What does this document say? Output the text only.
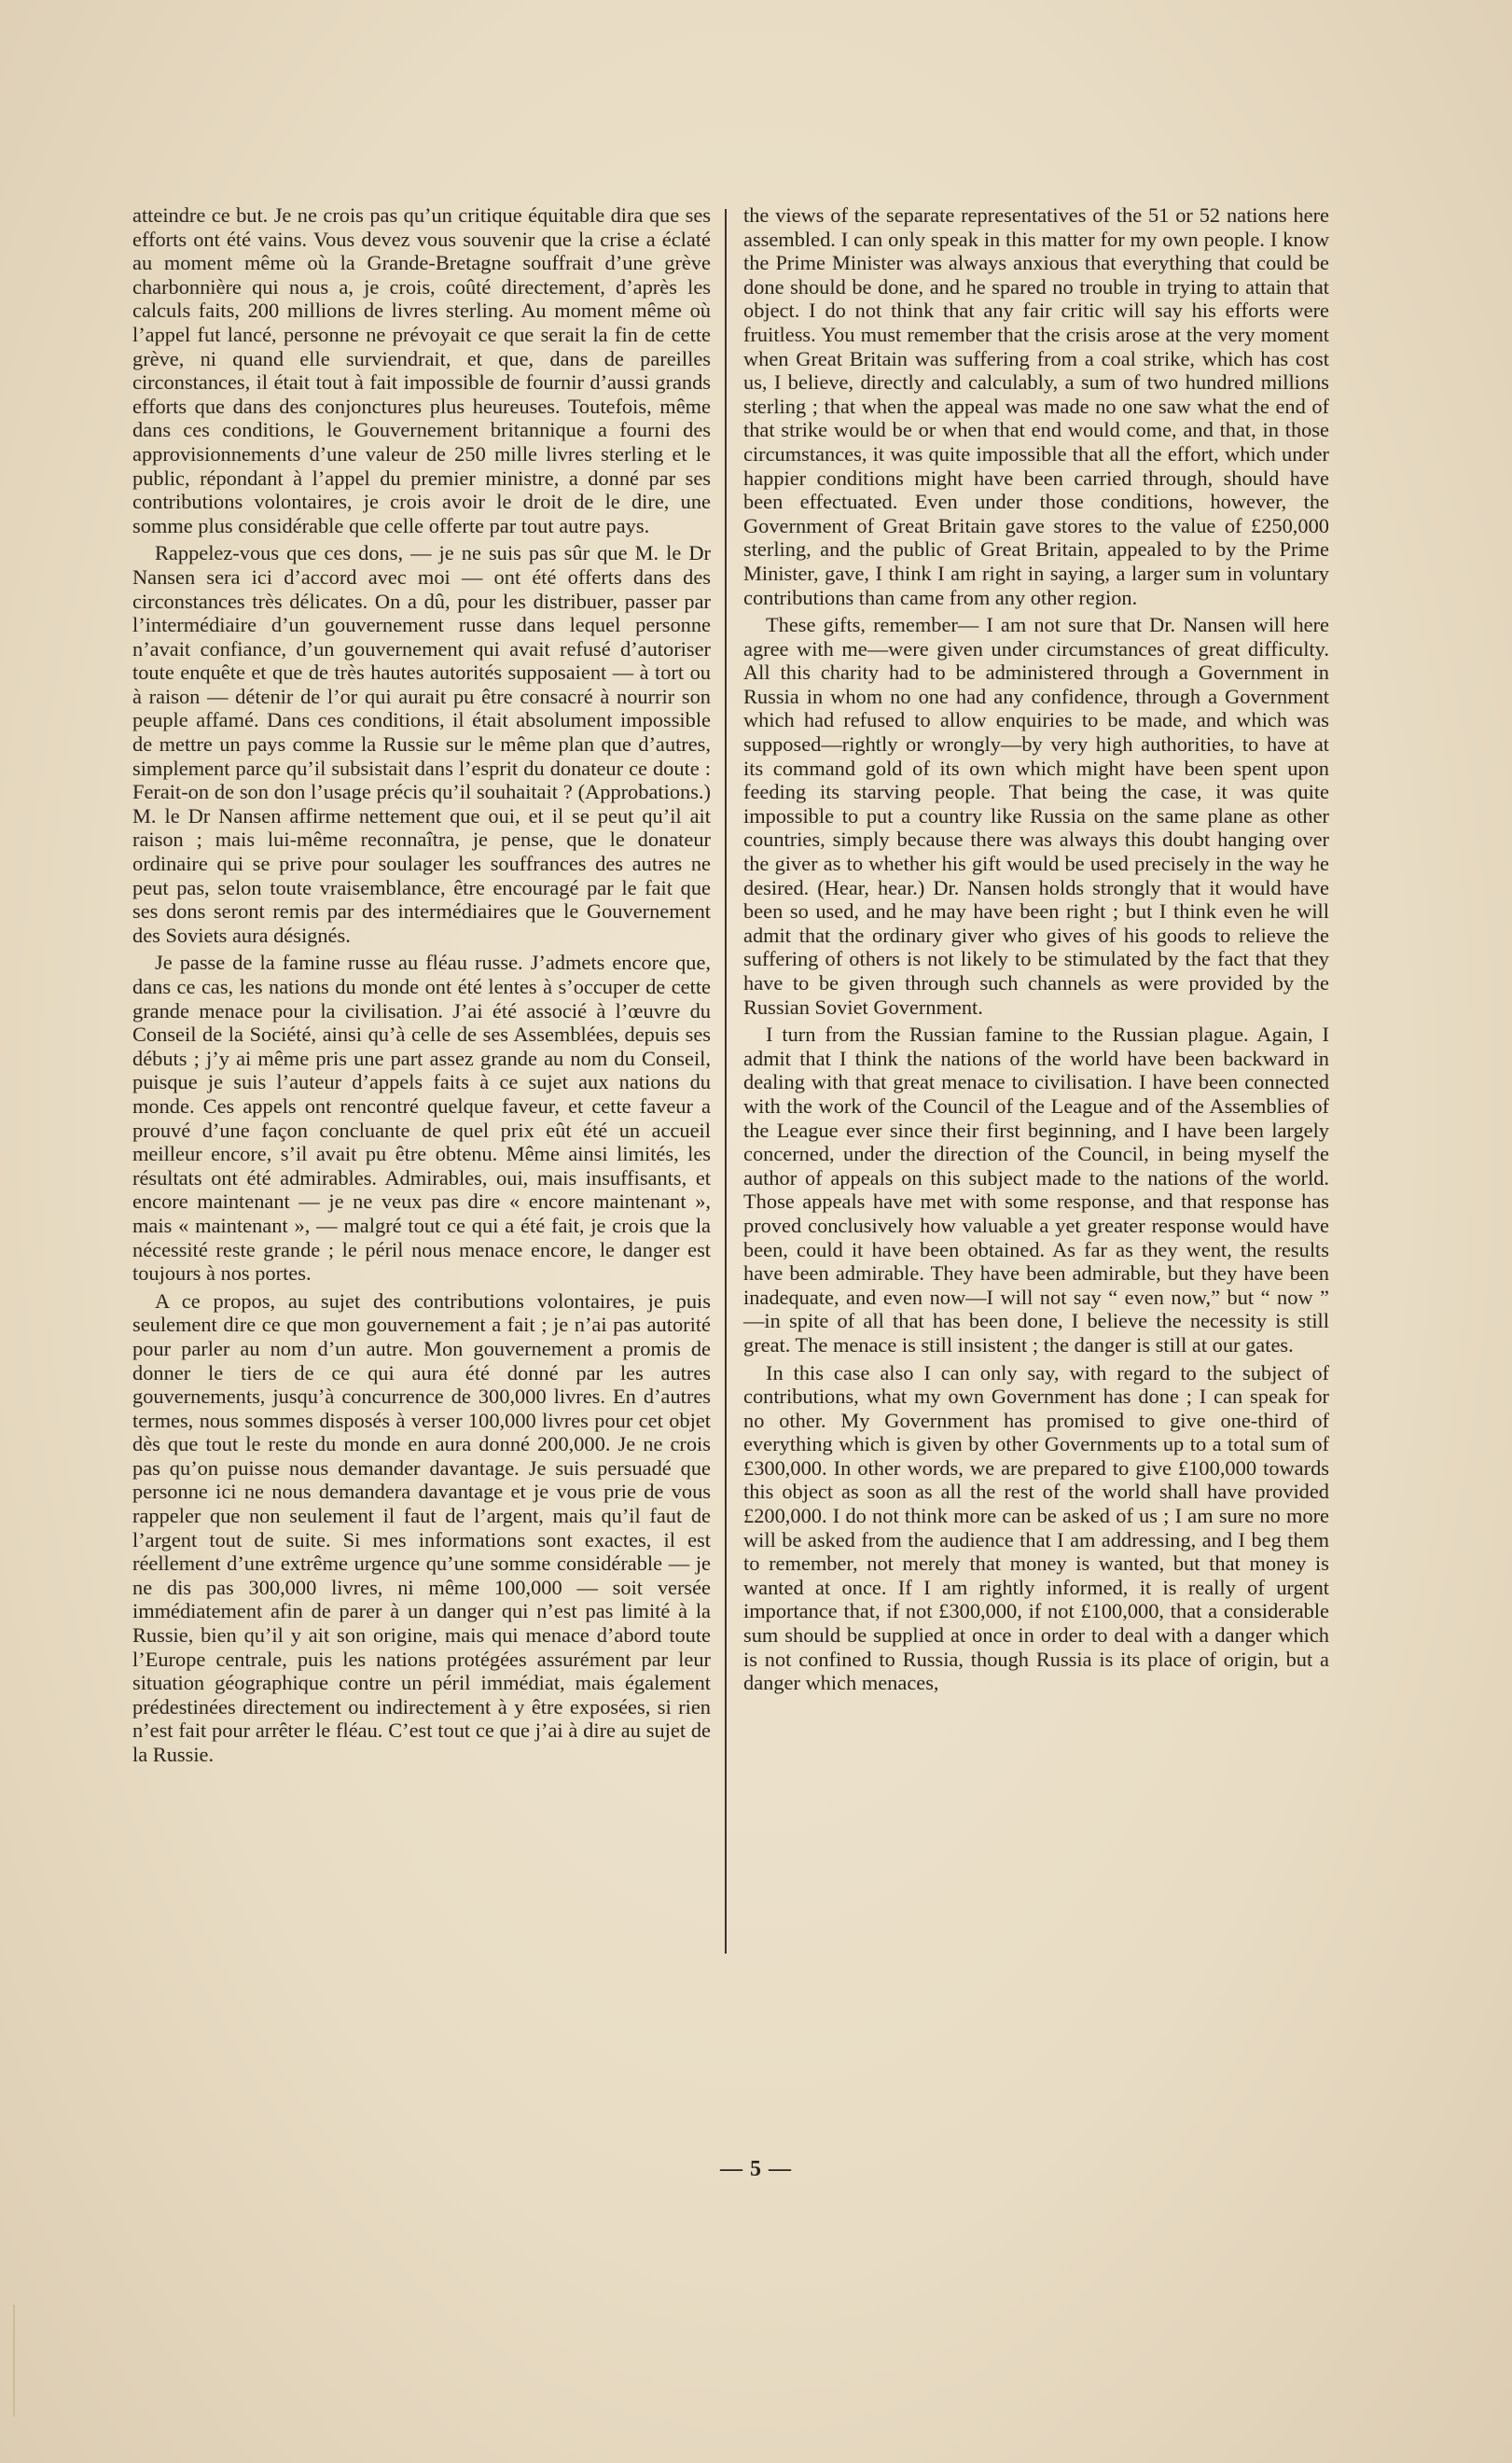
atteindre ce but. Je ne crois pas qu’un critique équitable dira que ses efforts ont été vains. Vous devez vous souvenir que la crise a éclaté au moment même où la Grande-Bretagne souffrait d’une grève charbonnière qui nous a, je crois, coûté directement, d’après les calculs faits, 200 millions de livres sterling. Au moment même où l’appel fut lancé, personne ne prévoyait ce que serait la fin de cette grève, ni quand elle surviendrait, et que, dans de pareilles circonstances, il était tout à fait impossible de fournir d’aussi grands efforts que dans des conjonctures plus heureuses. Toutefois, même dans ces conditions, le Gouvernement britannique a fourni des approvisionnements d’une valeur de 250 mille livres sterling et le public, répondant à l’appel du premier ministre, a donné par ses contributions volontaires, je crois avoir le droit de le dire, une somme plus considérable que celle offerte par tout autre pays.

Rappelez-vous que ces dons, — je ne suis pas sûr que M. le Dr Nansen sera ici d’accord avec moi — ont été offerts dans des circonstances très délicates. On a dû, pour les distribuer, passer par l’intermédiaire d’un gouvernement russe dans lequel personne n’avait confiance, d’un gouvernement qui avait refusé d’autoriser toute enquête et que de très hautes autorités supposaient — à tort ou à raison — détenir de l’or qui aurait pu être consacré à nourrir son peuple affamé. Dans ces conditions, il était absolument impossible de mettre un pays comme la Russie sur le même plan que d’autres, simplement parce qu’il subsistait dans l’esprit du donateur ce doute : Ferait-on de son don l’usage précis qu’il souhaitait ? (Approbations.) M. le Dr Nansen affirme nettement que oui, et il se peut qu’il ait raison ; mais lui-même reconnaîtra, je pense, que le donateur ordinaire qui se prive pour soulager les souffrances des autres ne peut pas, selon toute vraisemblance, être encouragé par le fait que ses dons seront remis par des intermédiaires que le Gouvernement des Soviets aura désignés.

Je passe de la famine russe au fléau russe. J’admets encore que, dans ce cas, les nations du monde ont été lentes à s’occuper de cette grande menace pour la civilisation. J’ai été associé à l’œuvre du Conseil de la Société, ainsi qu’à celle de ses Assemblées, depuis ses débuts ; j’y ai même pris une part assez grande au nom du Conseil, puisque je suis l’auteur d’appels faits à ce sujet aux nations du monde. Ces appels ont rencontré quelque faveur, et cette faveur a prouvé d’une façon concluante de quel prix eût été un accueil meilleur encore, s’il avait pu être obtenu. Même ainsi limités, les résultats ont été admirables. Admirables, oui, mais insuffisants, et encore maintenant — je ne veux pas dire « encore maintenant », mais « maintenant », — malgré tout ce qui a été fait, je crois que la nécessité reste grande ; le péril nous menace encore, le danger est toujours à nos portes.

A ce propos, au sujet des contributions volontaires, je puis seulement dire ce que mon gouvernement a fait ; je n’ai pas autorité pour parler au nom d’un autre. Mon gouvernement a promis de donner le tiers de ce qui aura été donné par les autres gouvernements, jusqu’à concurrence de 300,000 livres. En d’autres termes, nous sommes disposés à verser 100,000 livres pour cet objet dès que tout le reste du monde en aura donné 200,000. Je ne crois pas qu’on puisse nous demander davantage. Je suis persuadé que personne ici ne nous demandera davantage et je vous prie de vous rappeler que non seulement il faut de l’argent, mais qu’il faut de l’argent tout de suite. Si mes informations sont exactes, il est réellement d’une extrême urgence qu’une somme considérable — je ne dis pas 300,000 livres, ni même 100,000 — soit versée immédiatement afin de parer à un danger qui n’est pas limité à la Russie, bien qu’il y ait son origine, mais qui menace d’abord toute l’Europe centrale, puis les nations protégées assurément par leur situation géographique contre un péril immédiat, mais également prédestinées directement ou indirectement à y être exposées, si rien n’est fait pour arrêter le fléau. C’est tout ce que j’ai à dire au sujet de la Russie.

the views of the separate representatives of the 51 or 52 nations here assembled. I can only speak in this matter for my own people. I know the Prime Minister was always anxious that everything that could be done should be done, and he spared no trouble in trying to attain that object. I do not think that any fair critic will say his efforts were fruitless. You must remember that the crisis arose at the very moment when Great Britain was suffering from a coal strike, which has cost us, I believe, directly and calculably, a sum of two hundred millions sterling ; that when the appeal was made no one saw what the end of that strike would be or when that end would come, and that, in those circumstances, it was quite impossible that all the effort, which under happier conditions might have been carried through, should have been effectuated. Even under those conditions, however, the Government of Great Britain gave stores to the value of £250,000 sterling, and the public of Great Britain, appealed to by the Prime Minister, gave, I think I am right in saying, a larger sum in voluntary contributions than came from any other region.

These gifts, remember— I am not sure that Dr. Nansen will here agree with me—were given under circumstances of great difficulty. All this charity had to be administered through a Government in Russia in whom no one had any confidence, through a Government which had refused to allow enquiries to be made, and which was supposed—rightly or wrongly—by very high authorities, to have at its command gold of its own which might have been spent upon feeding its starving people. That being the case, it was quite impossible to put a country like Russia on the same plane as other countries, simply because there was always this doubt hanging over the giver as to whether his gift would be used precisely in the way he desired. (Hear, hear.) Dr. Nansen holds strongly that it would have been so used, and he may have been right ; but I think even he will admit that the ordinary giver who gives of his goods to relieve the suffering of others is not likely to be stimulated by the fact that they have to be given through such channels as were provided by the Russian Soviet Government.

I turn from the Russian famine to the Russian plague. Again, I admit that I think the nations of the world have been backward in dealing with that great menace to civilisation. I have been connected with the work of the Council of the League and of the Assemblies of the League ever since their first beginning, and I have been largely concerned, under the direction of the Council, in being myself the author of appeals on this subject made to the nations of the world. Those appeals have met with some response, and that response has proved conclusively how valuable a yet greater response would have been, could it have been obtained. As far as they went, the results have been admirable. They have been admirable, but they have been inadequate, and even now—I will not say “ even now,” but “ now ” —in spite of all that has been done, I believe the necessity is still great. The menace is still insistent ; the danger is still at our gates.

In this case also I can only say, with regard to the subject of contributions, what my own Government has done ; I can speak for no other. My Government has promised to give one-third of everything which is given by other Governments up to a total sum of £300,000. In other words, we are prepared to give £100,000 towards this object as soon as all the rest of the world shall have provided £200,000. I do not think more can be asked of us ; I am sure no more will be asked from the audience that I am addressing, and I beg them to remember, not merely that money is wanted, but that money is wanted at once. If I am rightly informed, it is really of urgent importance that, if not £300,000, if not £100,000, that a considerable sum should be supplied at once in order to deal with a danger which is not confined to Russia, though Russia is its place of origin, but a danger which menaces,

— 5 —
